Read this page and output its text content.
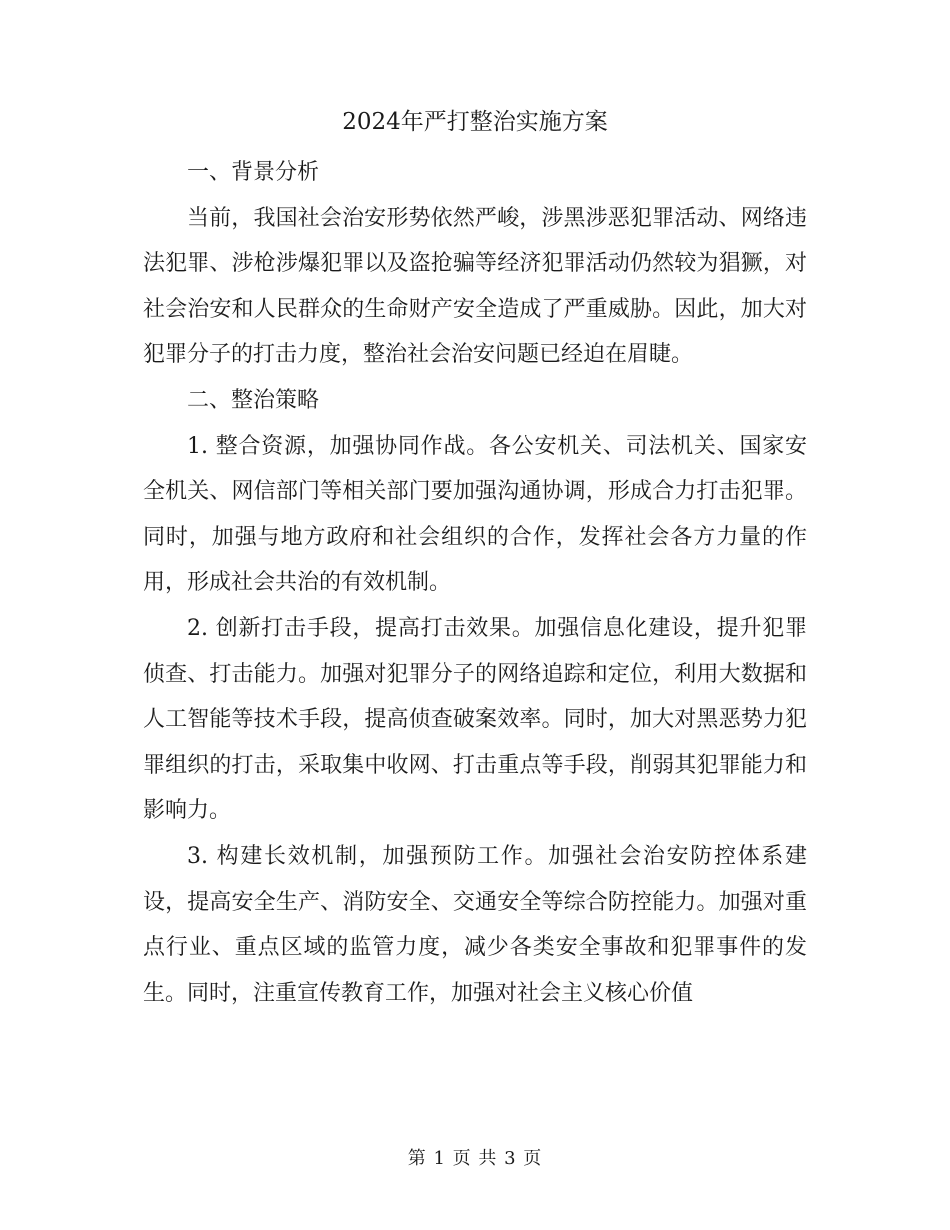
2024年严打整治实施方案

一、背景分析

当前，我国社会治安形势依然严峻，涉黑涉恶犯罪活动、网络违法犯罪、涉枪涉爆犯罪以及盗抢骗等经济犯罪活动仍然较为猖獗，对社会治安和人民群众的生命财产安全造成了严重威胁。因此，加大对犯罪分子的打击力度，整治社会治安问题已经迫在眉睫。

二、整治策略

1. 整合资源，加强协同作战。各公安机关、司法机关、国家安全机关、网信部门等相关部门要加强沟通协调，形成合力打击犯罪。同时，加强与地方政府和社会组织的合作，发挥社会各方力量的作用，形成社会共治的有效机制。

2. 创新打击手段，提高打击效果。加强信息化建设，提升犯罪侦查、打击能力。加强对犯罪分子的网络追踪和定位，利用大数据和人工智能等技术手段，提高侦查破案效率。同时，加大对黑恶势力犯罪组织的打击，采取集中收网、打击重点等手段，削弱其犯罪能力和影响力。

3. 构建长效机制，加强预防工作。加强社会治安防控体系建设，提高安全生产、消防安全、交通安全等综合防控能力。加强对重点行业、重点区域的监管力度，减少各类安全事故和犯罪事件的发生。同时，注重宣传教育工作，加强对社会主义核心价值

第 1 页 共 3 页
